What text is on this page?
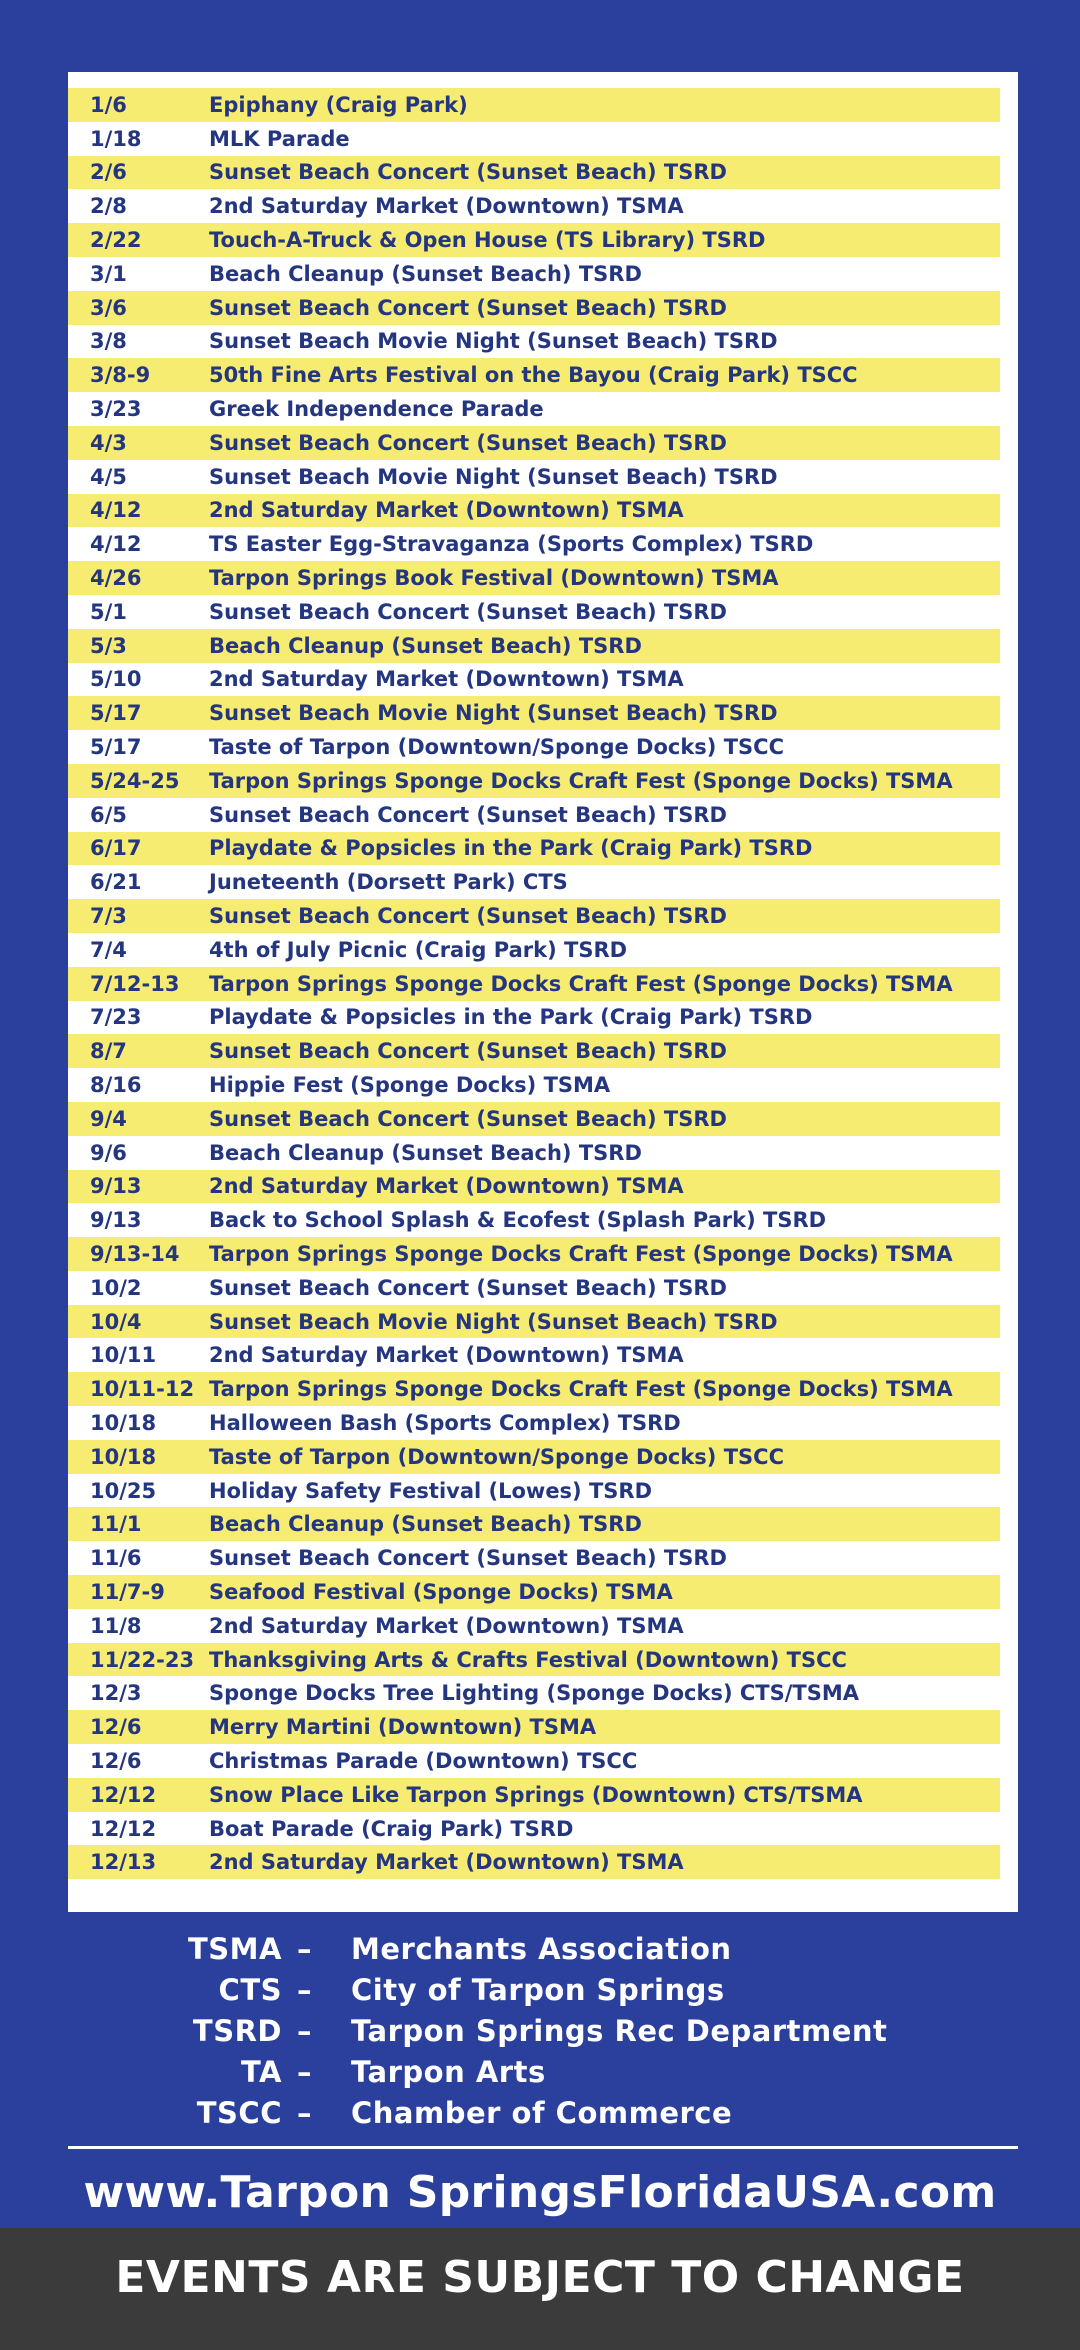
1/6	Epiphany (Craig Park)
1/18	MLK Parade
2/6	Sunset Beach Concert (Sunset Beach) TSRD
2/8	2nd Saturday Market (Downtown) TSMA
2/22	Touch-A-Truck & Open House (TS Library) TSRD
3/1	Beach Cleanup (Sunset Beach) TSRD
3/6	Sunset Beach Concert (Sunset Beach) TSRD
3/8	Sunset Beach Movie Night (Sunset Beach) TSRD
3/8-9	50th Fine Arts Festival on the Bayou (Craig Park) TSCC
3/23	Greek Independence Parade
4/3	Sunset Beach Concert (Sunset Beach) TSRD
4/5	Sunset Beach Movie Night (Sunset Beach) TSRD
4/12	2nd Saturday Market (Downtown) TSMA
4/12	TS Easter Egg-Stravaganza (Sports Complex) TSRD
4/26	Tarpon Springs Book Festival (Downtown) TSMA
5/1	Sunset Beach Concert (Sunset Beach) TSRD
5/3	Beach Cleanup (Sunset Beach) TSRD
5/10	2nd Saturday Market (Downtown) TSMA
5/17	Sunset Beach Movie Night (Sunset Beach) TSRD
5/17	Taste of Tarpon (Downtown/Sponge Docks) TSCC
5/24-25	Tarpon Springs Sponge Docks Craft Fest (Sponge Docks) TSMA
6/5	Sunset Beach Concert (Sunset Beach) TSRD
6/17	Playdate & Popsicles in the Park (Craig Park) TSRD
6/21	Juneteenth (Dorsett Park) CTS
7/3	Sunset Beach Concert (Sunset Beach) TSRD
7/4	4th of July Picnic (Craig Park) TSRD
7/12-13	Tarpon Springs Sponge Docks Craft Fest (Sponge Docks) TSMA
7/23	Playdate & Popsicles in the Park (Craig Park) TSRD
8/7	Sunset Beach Concert (Sunset Beach) TSRD
8/16	Hippie Fest (Sponge Docks) TSMA
9/4	Sunset Beach Concert (Sunset Beach) TSRD
9/6	Beach Cleanup (Sunset Beach) TSRD
9/13	2nd Saturday Market (Downtown) TSMA
9/13	Back to School Splash & Ecofest (Splash Park) TSRD
9/13-14	Tarpon Springs Sponge Docks Craft Fest (Sponge Docks) TSMA
10/2	Sunset Beach Concert (Sunset Beach) TSRD
10/4	Sunset Beach Movie Night (Sunset Beach) TSRD
10/11	2nd Saturday Market (Downtown) TSMA
10/11-12 Tarpon Springs Sponge Docks Craft Fest (Sponge Docks) TSMA
10/18	Halloween Bash (Sports Complex) TSRD
10/18	Taste of Tarpon (Downtown/Sponge Docks) TSCC
10/25	Holiday Safety Festival (Lowes) TSRD
11/1	Beach Cleanup (Sunset Beach) TSRD
11/6	Sunset Beach Concert (Sunset Beach) TSRD
11/7-9	Seafood Festival (Sponge Docks) TSMA
11/8	2nd Saturday Market (Downtown) TSMA
11/22-23 Thanksgiving Arts & Crafts Festival (Downtown) TSCC
12/3	Sponge Docks Tree Lighting (Sponge Docks) CTS/TSMA
12/6	Merry Martini (Downtown) TSMA
12/6	Christmas Parade (Downtown) TSCC
12/12	Snow Place Like Tarpon Springs (Downtown) CTS/TSMA
12/12	Boat Parade (Craig Park) TSRD
12/13	2nd Saturday Market (Downtown) TSMA
TSMA –	Merchants Association
CTS –	City of Tarpon Springs
TSRD –	Tarpon Springs Rec Department
TA –	Tarpon Arts
TSCC –	Chamber of Commerce
www.Tarpon SpringsFloridaUSA.com
EVENTS ARE SUBJECT TO CHANGE
